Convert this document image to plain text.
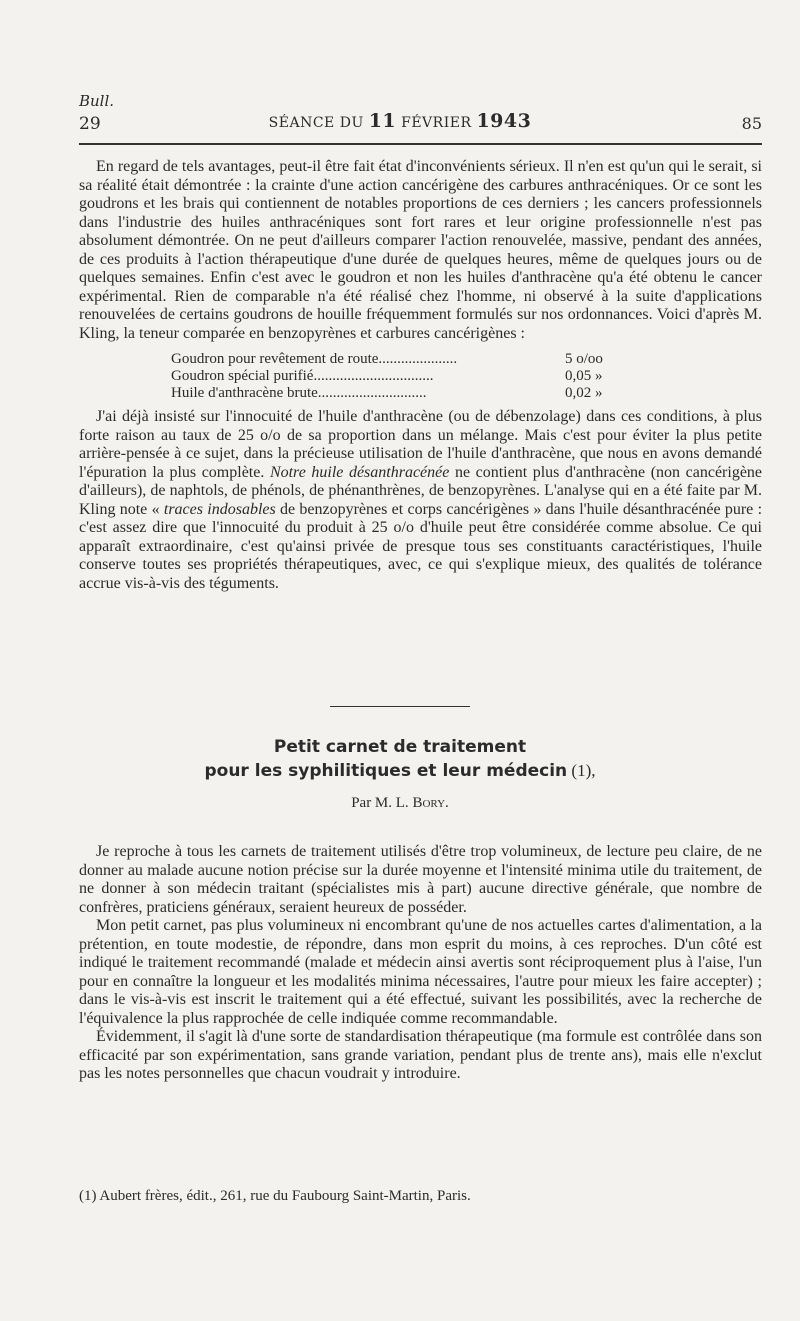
Bull.
29	SÉANCE DU 11 FÉVRIER 1943	85

En regard de tels avantages, peut-il être fait état d'inconvénients sérieux. Il n'en est qu'un qui le serait, si sa réalité était démontrée : la crainte d'une action cancérigène des carbures anthracéniques. Or ce sont les goudrons et les brais qui contiennent de notables proportions de ces derniers ; les cancers professionnels dans l'industrie des huiles anthracéniques sont fort rares et leur origine professionnelle n'est pas absolument démontrée. On ne peut d'ailleurs comparer l'action renouvelée, massive, pendant des années, de ces produits à l'action thérapeutique d'une durée de quelques heures, même de quelques jours ou de quelques semaines. Enfin c'est avec le goudron et non les huiles d'anthracène qu'a été obtenu le cancer expérimental. Rien de comparable n'a été réalisé chez l'homme, ni observé à la suite d'applications renouvelées de certains goudrons de houille fréquemment formulés sur nos ordonnances. Voici d'après M. Kling, la teneur comparée en benzopyrènes et carbures cancérigènes :

Goudron pour revêtement de route.....................	5 o/oo
Goudron spécial purifié................................	0,05 »
Huile d'anthracène brute.............................	0,02 »

J'ai déjà insisté sur l'innocuité de l'huile d'anthracène (ou de débenzolage) dans ces conditions, à plus forte raison au taux de 25 o/o de sa proportion dans un mélange. Mais c'est pour éviter la plus petite arrière-pensée à ce sujet, dans la précieuse utilisation de l'huile d'anthracène, que nous en avons demandé l'épuration la plus complète. Notre huile désanthracénée ne contient plus d'anthracène (non cancérigène d'ailleurs), de naphtols, de phénols, de phénanthrènes, de benzopyrènes. L'analyse qui en a été faite par M. Kling note « traces indosables de benzopyrènes et corps cancérigènes » dans l'huile désanthracénée pure : c'est assez dire que l'innocuité du produit à 25 o/o d'huile peut être considérée comme absolue. Ce qui apparaît extraordinaire, c'est qu'ainsi privée de presque tous ses constituants caractéristiques, l'huile conserve toutes ses propriétés thérapeutiques, avec, ce qui s'explique mieux, des qualités de tolérance accrue vis-à-vis des téguments.

Petit carnet de traitement
pour les syphilitiques et leur médecin (1),
Par M. L. Bory.

Je reproche à tous les carnets de traitement utilisés d'être trop volumineux, de lecture peu claire, de ne donner au malade aucune notion précise sur la durée moyenne et l'intensité minima utile du traitement, de ne donner à son médecin traitant (spécialistes mis à part) aucune directive générale, que nombre de confrères, praticiens généraux, seraient heureux de posséder.

Mon petit carnet, pas plus volumineux ni encombrant qu'une de nos actuelles cartes d'alimentation, a la prétention, en toute modestie, de répondre, dans mon esprit du moins, à ces reproches. D'un côté est indiqué le traitement recommandé (malade et médecin ainsi avertis sont réciproquement plus à l'aise, l'un pour en connaître la longueur et les modalités minima nécessaires, l'autre pour mieux les faire accepter) ; dans le vis-à-vis est inscrit le traitement qui a été effectué, suivant les possibilités, avec la recherche de l'équivalence la plus rapprochée de celle indiquée comme recommandable.

Évidemment, il s'agit là d'une sorte de standardisation thérapeutique (ma formule est contrôlée dans son efficacité par son expérimentation, sans grande variation, pendant plus de trente ans), mais elle n'exclut pas les notes personnelles que chacun voudrait y introduire.

(1) Aubert frères, édit., 261, rue du Faubourg Saint-Martin, Paris.
